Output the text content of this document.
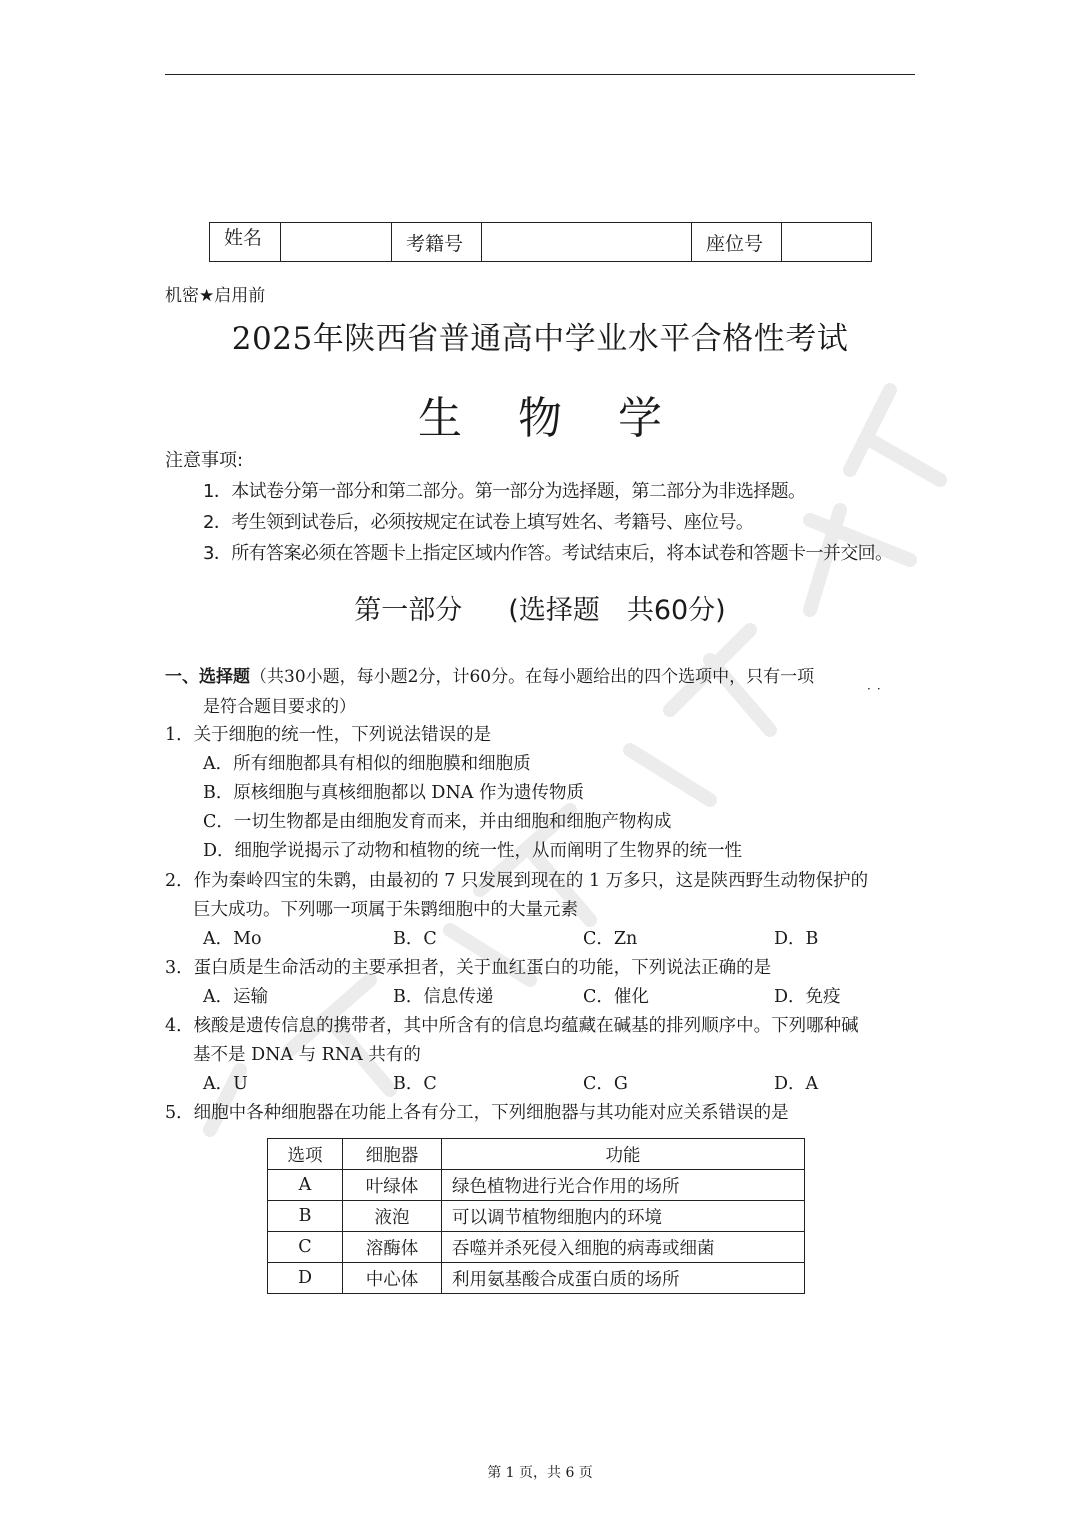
姓名	考籍号	座位号
机密★启用前
2025年陕西省普通高中学业水平合格性考试
生 物 学
注意事项:
1．本试卷分第一部分和第二部分。第一部分为选择题，第二部分为非选择题。
2．考生领到试卷后，必须按规定在试卷上填写姓名、考籍号、座位号。
3．所有答案必须在答题卡上指定区域内作答。考试结束后，将本试卷和答题卡一并交回。
第一部分 (选择题　共60分)
一、选择题（共30小题，每小题2分，计60分。在每小题给出的四个选项中，只有一项
··
是符合题目要求的）
1．关于细胞的统一性，下列说法错误的是
A．所有细胞都具有相似的细胞膜和细胞质
B．原核细胞与真核细胞都以 DNA 作为遗传物质
C．一切生物都是由细胞发育而来，并由细胞和细胞产物构成
D．细胞学说揭示了动物和植物的统一性，从而阐明了生物界的统一性
2．作为秦岭四宝的朱鹮，由最初的 7 只发展到现在的 1 万多只，这是陕西野生动物保护的
巨大成功。下列哪一项属于朱鹮细胞中的大量元素
A．Mo	B．C	C．Zn	D．B
3．蛋白质是生命活动的主要承担者，关于血红蛋白的功能，下列说法正确的是
A．运输	B．信息传递	C．催化	D．免疫
4．核酸是遗传信息的携带者，其中所含有的信息均蕴藏在碱基的排列顺序中。下列哪种碱
基不是 DNA 与 RNA 共有的
A．U	B．C	C．G	D．A
5．细胞中各种细胞器在功能上各有分工，下列细胞器与其功能对应关系错误的是
选项	细胞器	功能
A	叶绿体	绿色植物进行光合作用的场所
B	液泡	可以调节植物细胞内的环境
C	溶酶体	吞噬并杀死侵入细胞的病毒或细菌
D	中心体	利用氨基酸合成蛋白质的场所
第 1 页，共 6 页
